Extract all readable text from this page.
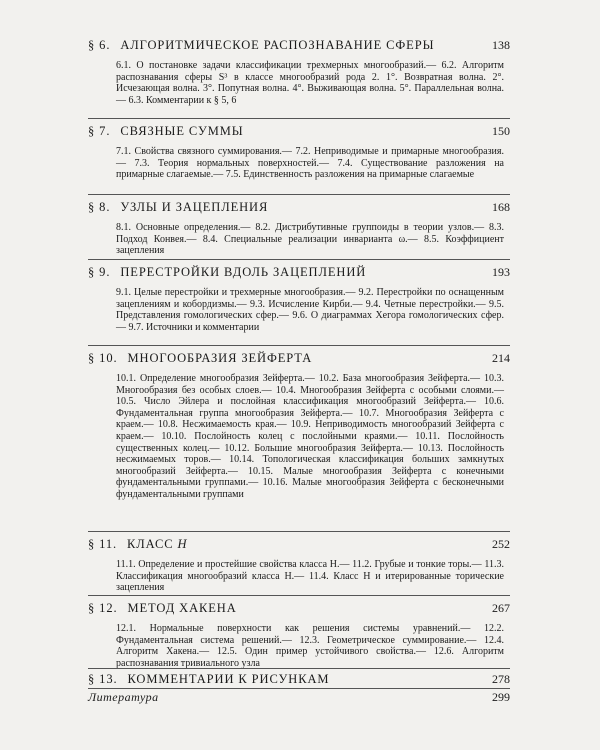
§ 6. АЛГОРИТМИЧЕСКОЕ РАСПОЗНАВАНИЕ СФЕРЫ	138
6.1. О постановке задачи классификации трехмерных многообразий.— 6.2. Алгоритм распознавания сферы S³ в классе многообразий рода 2. 1°. Возвратная волна. 2°. Исчезающая волна. 3°. Попутная волна. 4°. Выживающая волна. 5°. Параллельная волна.— 6.3. Комментарии к § 5, 6
§ 7. СВЯЗНЫЕ СУММЫ	150
7.1. Свойства связного суммирования.— 7.2. Неприводимые и примарные многообразия.— 7.3. Теория нормальных поверхностей.— 7.4. Существование разложения на примарные слагаемые.— 7.5. Единственность разложения на примарные слагаемые
§ 8. УЗЛЫ И ЗАЦЕПЛЕНИЯ	168
8.1. Основные определения.— 8.2. Дистрибутивные группоиды в теории узлов.— 8.3. Подход Конвея.— 8.4. Специальные реализации инварианта ω.— 8.5. Коэффициент зацепления
§ 9. ПЕРЕСТРОЙКИ ВДОЛЬ ЗАЦЕПЛЕНИЙ	193
9.1. Целые перестройки и трехмерные многообразия.— 9.2. Перестройки по оснащенным зацеплениям и кобордизмы.— 9.3. Исчисление Кирби.— 9.4. Четные перестройки.— 9.5. Представления гомологических сфер.— 9.6. О диаграммах Хегора гомологических сфер.— 9.7. Источники и комментарии
§ 10. МНОГООБРАЗИЯ ЗЕЙФЕРТА	214
10.1. Определение многообразия Зейферта.— 10.2. База многообразия Зейферта.— 10.3. Многообразия без особых слоев.— 10.4. Многообразия Зейферта с особыми слоями.— 10.5. Число Эйлера и послойная классификация многообразий Зейферта.— 10.6. Фундаментальная группа многообразия Зейферта.— 10.7. Многообразия Зейферта с краем.— 10.8. Несжимаемость края.— 10.9. Неприводимость многообразий Зейферта с краем.— 10.10. Послойность колец с послойными краями.— 10.11. Послойность существенных колец.— 10.12. Большие многообразия Зейферта.— 10.13. Послойность несжимаемых торов.— 10.14. Топологическая классификация больших замкнутых многообразий Зейферта.— 10.15. Малые многообразия Зейферта с конечными фундаментальными группами.— 10.16. Малые многообразия Зейферта с бесконечными фундаментальными группами
§ 11. КЛАСС H	252
11.1. Определение и простейшие свойства класса H.— 11.2. Грубые и тонкие торы.— 11.3. Классификация многообразий класса H.— 11.4. Класс H и итерированные торические зацепления
§ 12. МЕТОД ХАКЕНА	267
12.1. Нормальные поверхности как решения системы уравнений.— 12.2. Фундаментальная система решений.— 12.3. Геометрическое суммирование.— 12.4. Алгоритм Хакена.— 12.5. Один пример устойчивого свойства.— 12.6. Алгоритм распознавания тривиального узла
§ 13. КОММЕНТАРИИ К РИСУНКАМ	278
Литература	299
